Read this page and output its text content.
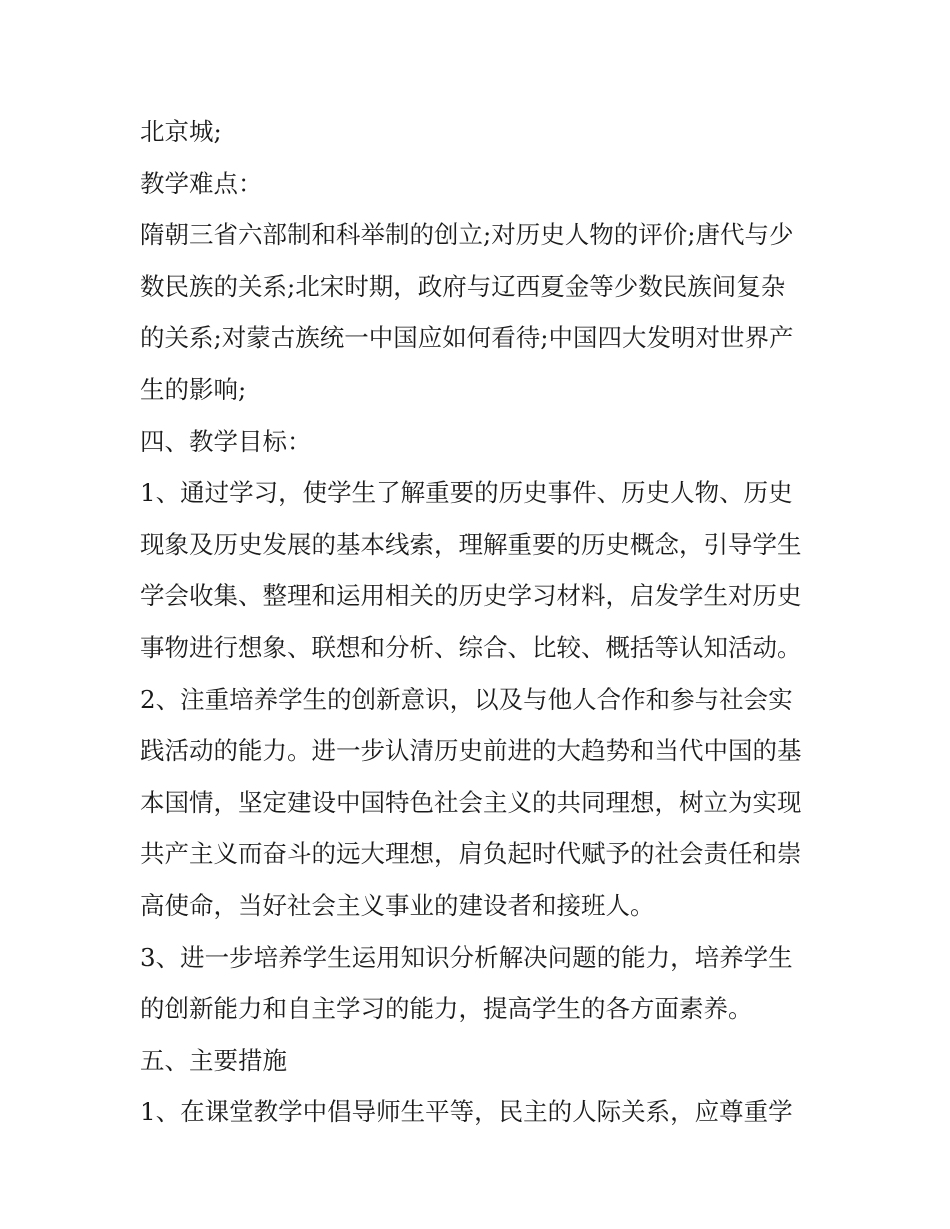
北京城;
教学难点：
隋朝三省六部制和科举制的创立;对历史人物的评价;唐代与少
数民族的关系;北宋时期，政府与辽西夏金等少数民族间复杂
的关系;对蒙古族统一中国应如何看待;中国四大发明对世界产
生的影响;
四、教学目标：
1、通过学习，使学生了解重要的历史事件、历史人物、历史
现象及历史发展的基本线索，理解重要的历史概念，引导学生
学会收集、整理和运用相关的历史学习材料，启发学生对历史
事物进行想象、联想和分析、综合、比较、概括等认知活动。
2、注重培养学生的创新意识，以及与他人合作和参与社会实
践活动的能力。进一步认清历史前进的大趋势和当代中国的基
本国情，坚定建设中国特色社会主义的共同理想，树立为实现
共产主义而奋斗的远大理想，肩负起时代赋予的社会责任和崇
高使命，当好社会主义事业的建设者和接班人。
3、进一步培养学生运用知识分析解决问题的能力，培养学生
的创新能力和自主学习的能力，提高学生的各方面素养。
五、主要措施
1、在课堂教学中倡导师生平等，民主的人际关系，应尊重学
